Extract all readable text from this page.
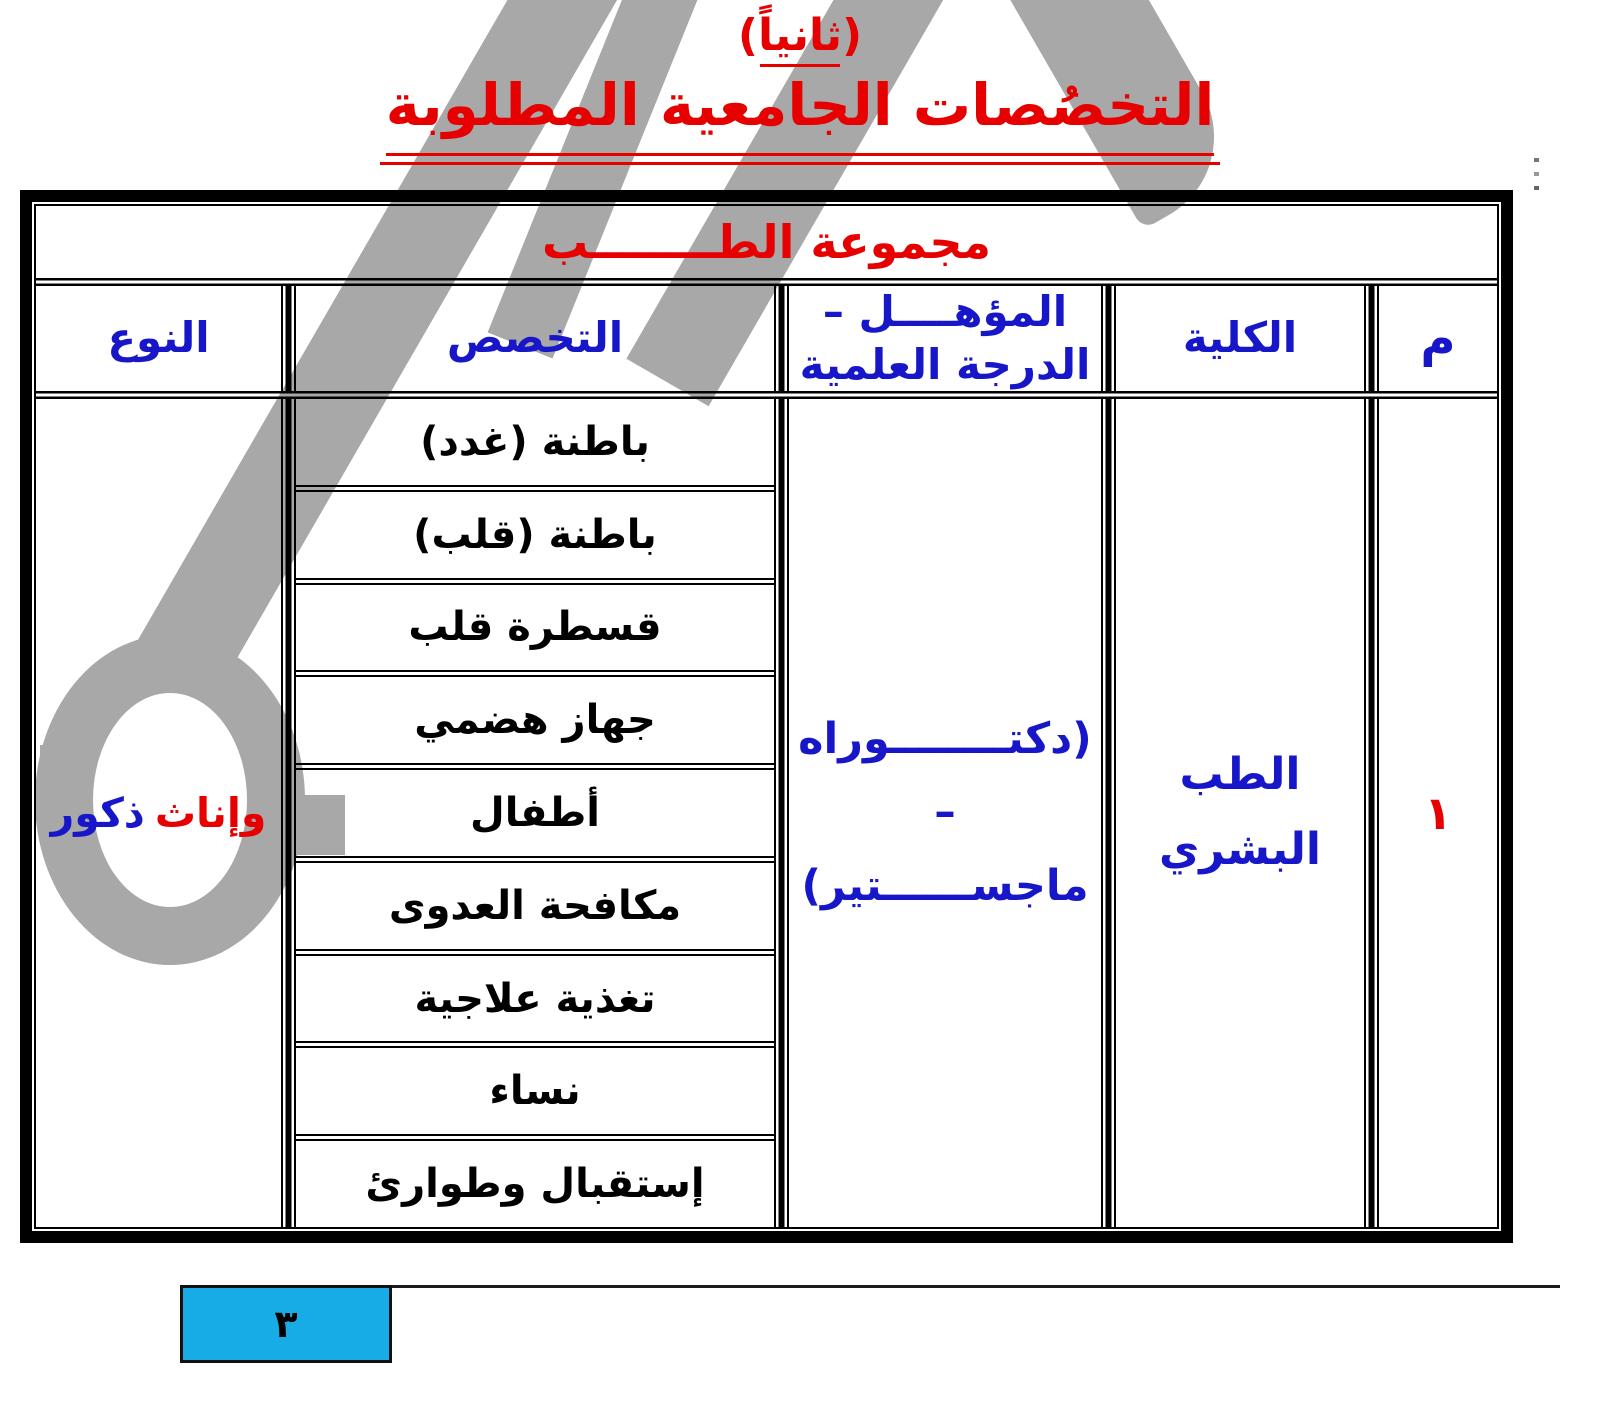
(ثانياً)
التخصُصات الجامعية المطلوبة
مجموعة الطــــــــب
م
الكلية
المؤهــــل –
الدرجة العلمية
التخصص
النوع
١
الطب البشري
(دكتــــــــوراه – ماجســــــتير)
باطنة (غدد)
باطنة (قلب)
قسطرة قلب
جهاز هضمي
أطفال
مكافحة العدوى
تغذية علاجية
نساء
إستقبال وطوارئ
وإناث
ذكور
٣
